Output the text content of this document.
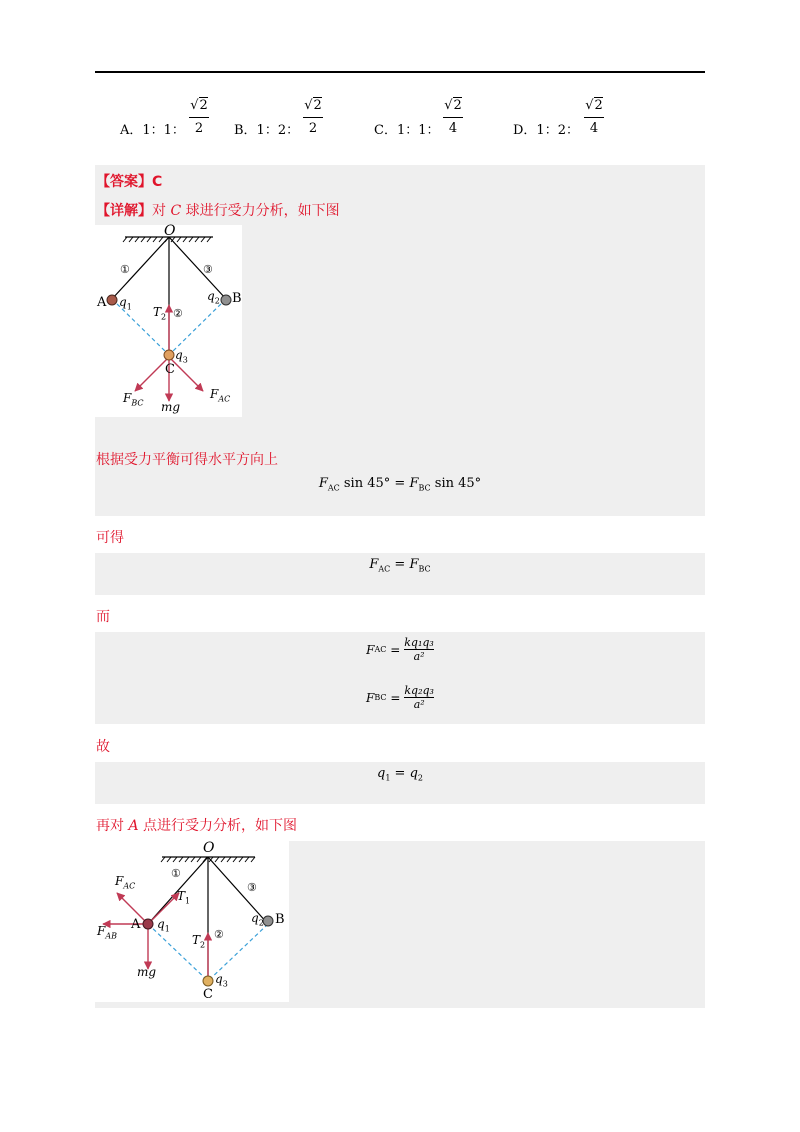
A．1：1：
√2
2	B．1：2：
√2
2	C．1：1：
√2
4	D．1：2：
√2
4
O
①	③
A $q_1$
$q_2$ B
$T_2$ ②
$q_3$
C
$F_{BC}$ mg
$F_{AC}$
【答案】C
【详解】对 C 球进行受力分析，如下图
根据受力平衡可得水平方向上
$F_{AC}$ $\sin 45^\circ = F_{BC}$ sin 45°
可得
$F_{AC} = F_{BC}$
而
F AC = kq₁q₃
a²
F BC = kq₂q₃
a²
故
$q_1 = q_2$
再对 A 点进行受力分析，如下图
O
①
③
$F_{AC}$
$T_1$
$F_{AB}$
A $q_1$
$q_2$ B
$T_2$
②
mg	$q_3$
C
